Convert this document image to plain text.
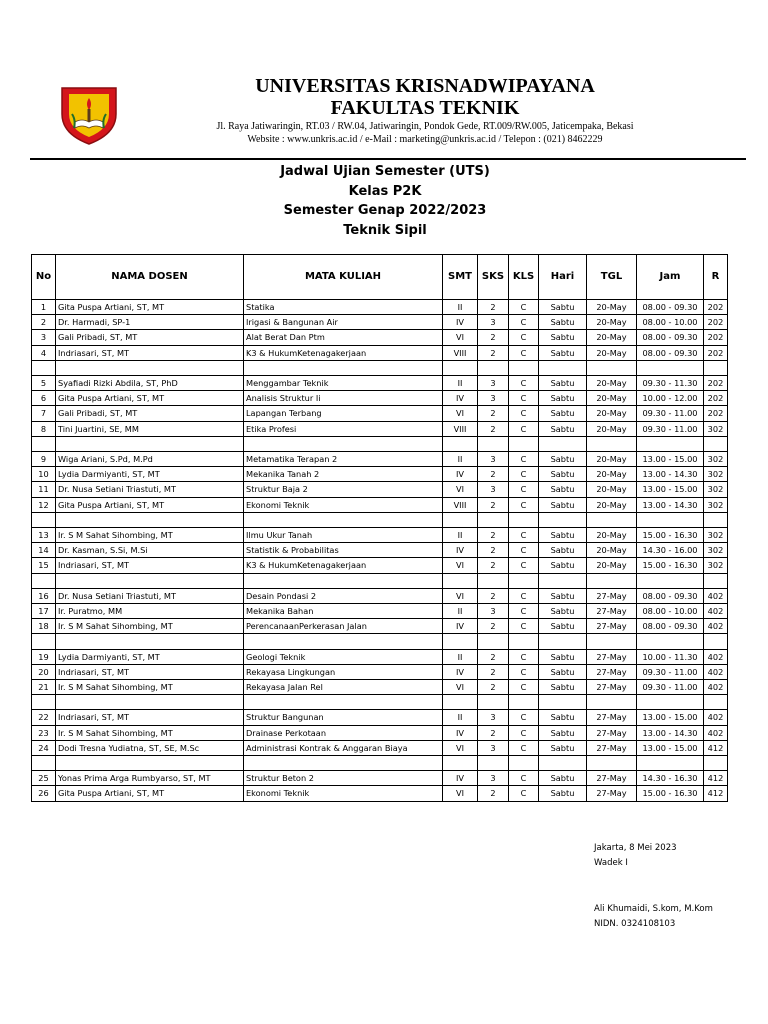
UNIVERSITAS KRISNADWIPAYANA
FAKULTAS TEKNIK
Jl. Raya Jatiwaringin, RT.03 / RW.04, Jatiwaringin, Pondok Gede, RT.009/RW.005, Jaticempaka, Bekasi
Website : www.unkris.ac.id / e-Mail : marketing@unkris.ac.id / Telepon : (021) 8462229
Jadwal Ujian Semester (UTS)
Kelas P2K
Semester Genap 2022/2023
Teknik Sipil
No	NAMA DOSEN	MATA KULIAH	SMT	SKS	KLS	Hari	TGL	Jam	R
1	Gita Puspa Artiani, ST, MT	Statika	II	2	C	Sabtu	20-May	08.00 - 09.30	202
2	Dr. Harmadi, SP-1	Irigasi & Bangunan Air	IV	3	C	Sabtu	20-May	08.00 - 10.00	202
3	Gali Pribadi, ST, MT	Alat Berat Dan Ptm	VI	2	C	Sabtu	20-May	08.00 - 09.30	202
4	Indriasari, ST, MT	K3 & HukumKetenagakerjaan	VIII	2	C	Sabtu	20-May	08.00 - 09.30	202

5	Syafiadi Rizki Abdila, ST, PhD	Menggambar Teknik	II	3	C	Sabtu	20-May	09.30 - 11.30	202
6	Gita Puspa Artiani, ST, MT	Analisis Struktur Ii	IV	3	C	Sabtu	20-May	10.00 - 12.00	202
7	Gali Pribadi, ST, MT	Lapangan Terbang	VI	2	C	Sabtu	20-May	09.30 - 11.00	202
8	Tini Juartini, SE, MM	Etika Profesi	VIII	2	C	Sabtu	20-May	09.30 - 11.00	302

9	Wiga Ariani, S.Pd, M.Pd	Metamatika Terapan 2	II	3	C	Sabtu	20-May	13.00 - 15.00	302
10	Lydia Darmiyanti, ST, MT	Mekanika Tanah 2	IV	2	C	Sabtu	20-May	13.00 - 14.30	302
11	Dr. Nusa Setiani Triastuti, MT	Struktur Baja 2	VI	3	C	Sabtu	20-May	13.00 - 15.00	302
12	Gita Puspa Artiani, ST, MT	Ekonomi Teknik	VIII	2	C	Sabtu	20-May	13.00 - 14.30	302

13	Ir. S M Sahat Sihombing, MT	Ilmu Ukur Tanah	II	2	C	Sabtu	20-May	15.00 - 16.30	302
14	Dr. Kasman, S.Si, M.Si	Statistik & Probabilitas	IV	2	C	Sabtu	20-May	14.30 - 16.00	302
15	Indriasari, ST, MT	K3 & HukumKetenagakerjaan	VI	2	C	Sabtu	20-May	15.00 - 16.30	302

16	Dr. Nusa Setiani Triastuti, MT	Desain Pondasi 2	VI	2	C	Sabtu	27-May	08.00 - 09.30	402
17	Ir. Puratmo, MM	Mekanika Bahan	II	3	C	Sabtu	27-May	08.00 - 10.00	402
18	Ir. S M Sahat Sihombing, MT	PerencanaanPerkerasan Jalan	IV	2	C	Sabtu	27-May	08.00 - 09.30	402

19	Lydia Darmiyanti, ST, MT	Geologi Teknik	II	2	C	Sabtu	27-May	10.00 - 11.30	402
20	Indriasari, ST, MT	Rekayasa Lingkungan	IV	2	C	Sabtu	27-May	09.30 - 11.00	402
21	Ir. S M Sahat Sihombing, MT	Rekayasa Jalan Rel	VI	2	C	Sabtu	27-May	09.30 - 11.00	402

22	Indriasari, ST, MT	Struktur Bangunan	II	3	C	Sabtu	27-May	13.00 - 15.00	402
23	Ir. S M Sahat Sihombing, MT	Drainase Perkotaan	IV	2	C	Sabtu	27-May	13.00 - 14.30	402
24	Dodi Tresna Yudiatna, ST, SE, M.Sc	Administrasi Kontrak & Anggaran Biaya	VI	3	C	Sabtu	27-May	13.00 - 15.00	412

25	Yonas Prima Arga Rumbyarso, ST, MT	Struktur Beton 2	IV	3	C	Sabtu	27-May	14.30 - 16.30	412
26	Gita Puspa Artiani, ST, MT	Ekonomi Teknik	VI	2	C	Sabtu	27-May	15.00 - 16.30	412
Jakarta, 8 Mei 2023
Wadek I
Ali Khumaidi, S.kom, M.Kom
NIDN. 0324108103
